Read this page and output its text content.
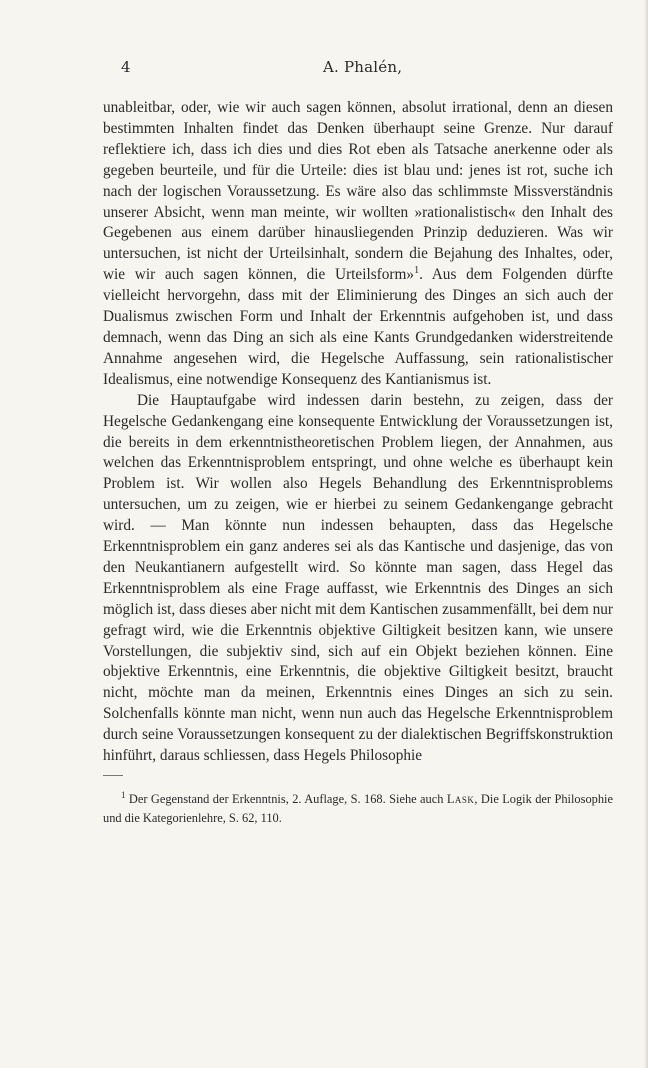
4	A. Phalén,

unableitbar, oder, wie wir auch sagen können, absolut irrational, denn an diesen bestimmten Inhalten findet das Denken überhaupt seine Grenze. Nur darauf reflektiere ich, dass ich dies und dies Rot eben als Tatsache anerkenne oder als gegeben beurteile, und für die Urteile: dies ist blau und: jenes ist rot, suche ich nach der logischen Voraussetzung. Es wäre also das schlimmste Missverständnis unserer Absicht, wenn man meinte, wir wollten »rationalistisch« den Inhalt des Gegebenen aus einem darüber hinausliegenden Prinzip deduzieren. Was wir untersuchen, ist nicht der Urteilsinhalt, sondern die Bejahung des Inhaltes, oder, wie wir auch sagen können, die Urteilsform»$^1$. Aus dem Folgenden dürfte vielleicht hervorgehn, dass mit der Eliminierung des Dinges an sich auch der Dualismus zwischen Form und Inhalt der Erkenntnis aufgehoben ist, und dass demnach, wenn das Ding an sich als eine Kants Grundgedanken widerstreitende Annahme angesehen wird, die Hegelsche Auffassung, sein rationalistischer Idealismus, eine notwendige Konsequenz des Kantianismus ist.

Die Hauptaufgabe wird indessen darin bestehn, zu zeigen, dass der Hegelsche Gedankengang eine konsequente Entwicklung der Voraussetzungen ist, die bereits in dem erkenntnistheoretischen Problem liegen, der Annahmen, aus welchen das Erkenntnisproblem entspringt, und ohne welche es überhaupt kein Problem ist. Wir wollen also Hegels Behandlung des Erkenntnisproblems untersuchen, um zu zeigen, wie er hierbei zu seinem Gedankengange gebracht wird. — Man könnte nun indessen behaupten, dass das Hegelsche Erkenntnisproblem ein ganz anderes sei als das Kantische und dasjenige, das von den Neukantianern aufgestellt wird. So könnte man sagen, dass Hegel das Erkenntnisproblem als eine Frage auffasst, wie Erkenntnis des Dinges an sich möglich ist, dass dieses aber nicht mit dem Kantischen zusammenfällt, bei dem nur gefragt wird, wie die Erkenntnis objektive Giltigkeit besitzen kann, wie unsere Vorstellungen, die subjektiv sind, sich auf ein Objekt beziehen können. Eine objektive Erkenntnis, eine Erkenntnis, die objektive Giltigkeit besitzt, braucht nicht, möchte man da meinen, Erkenntnis eines Dinges an sich zu sein. Solchenfalls könnte man nicht, wenn nun auch das Hegelsche Erkenntnisproblem durch seine Voraussetzungen konsequent zu der dialektischen Begriffskonstruktion hinführt, daraus schliessen, dass Hegels Philosophie

$^1$ Der Gegenstand der Erkenntnis, 2. Auflage, S. 168. Siehe auch Lask, Die Logik der Philosophie und die Kategorienlehre, S. 62, 110.
